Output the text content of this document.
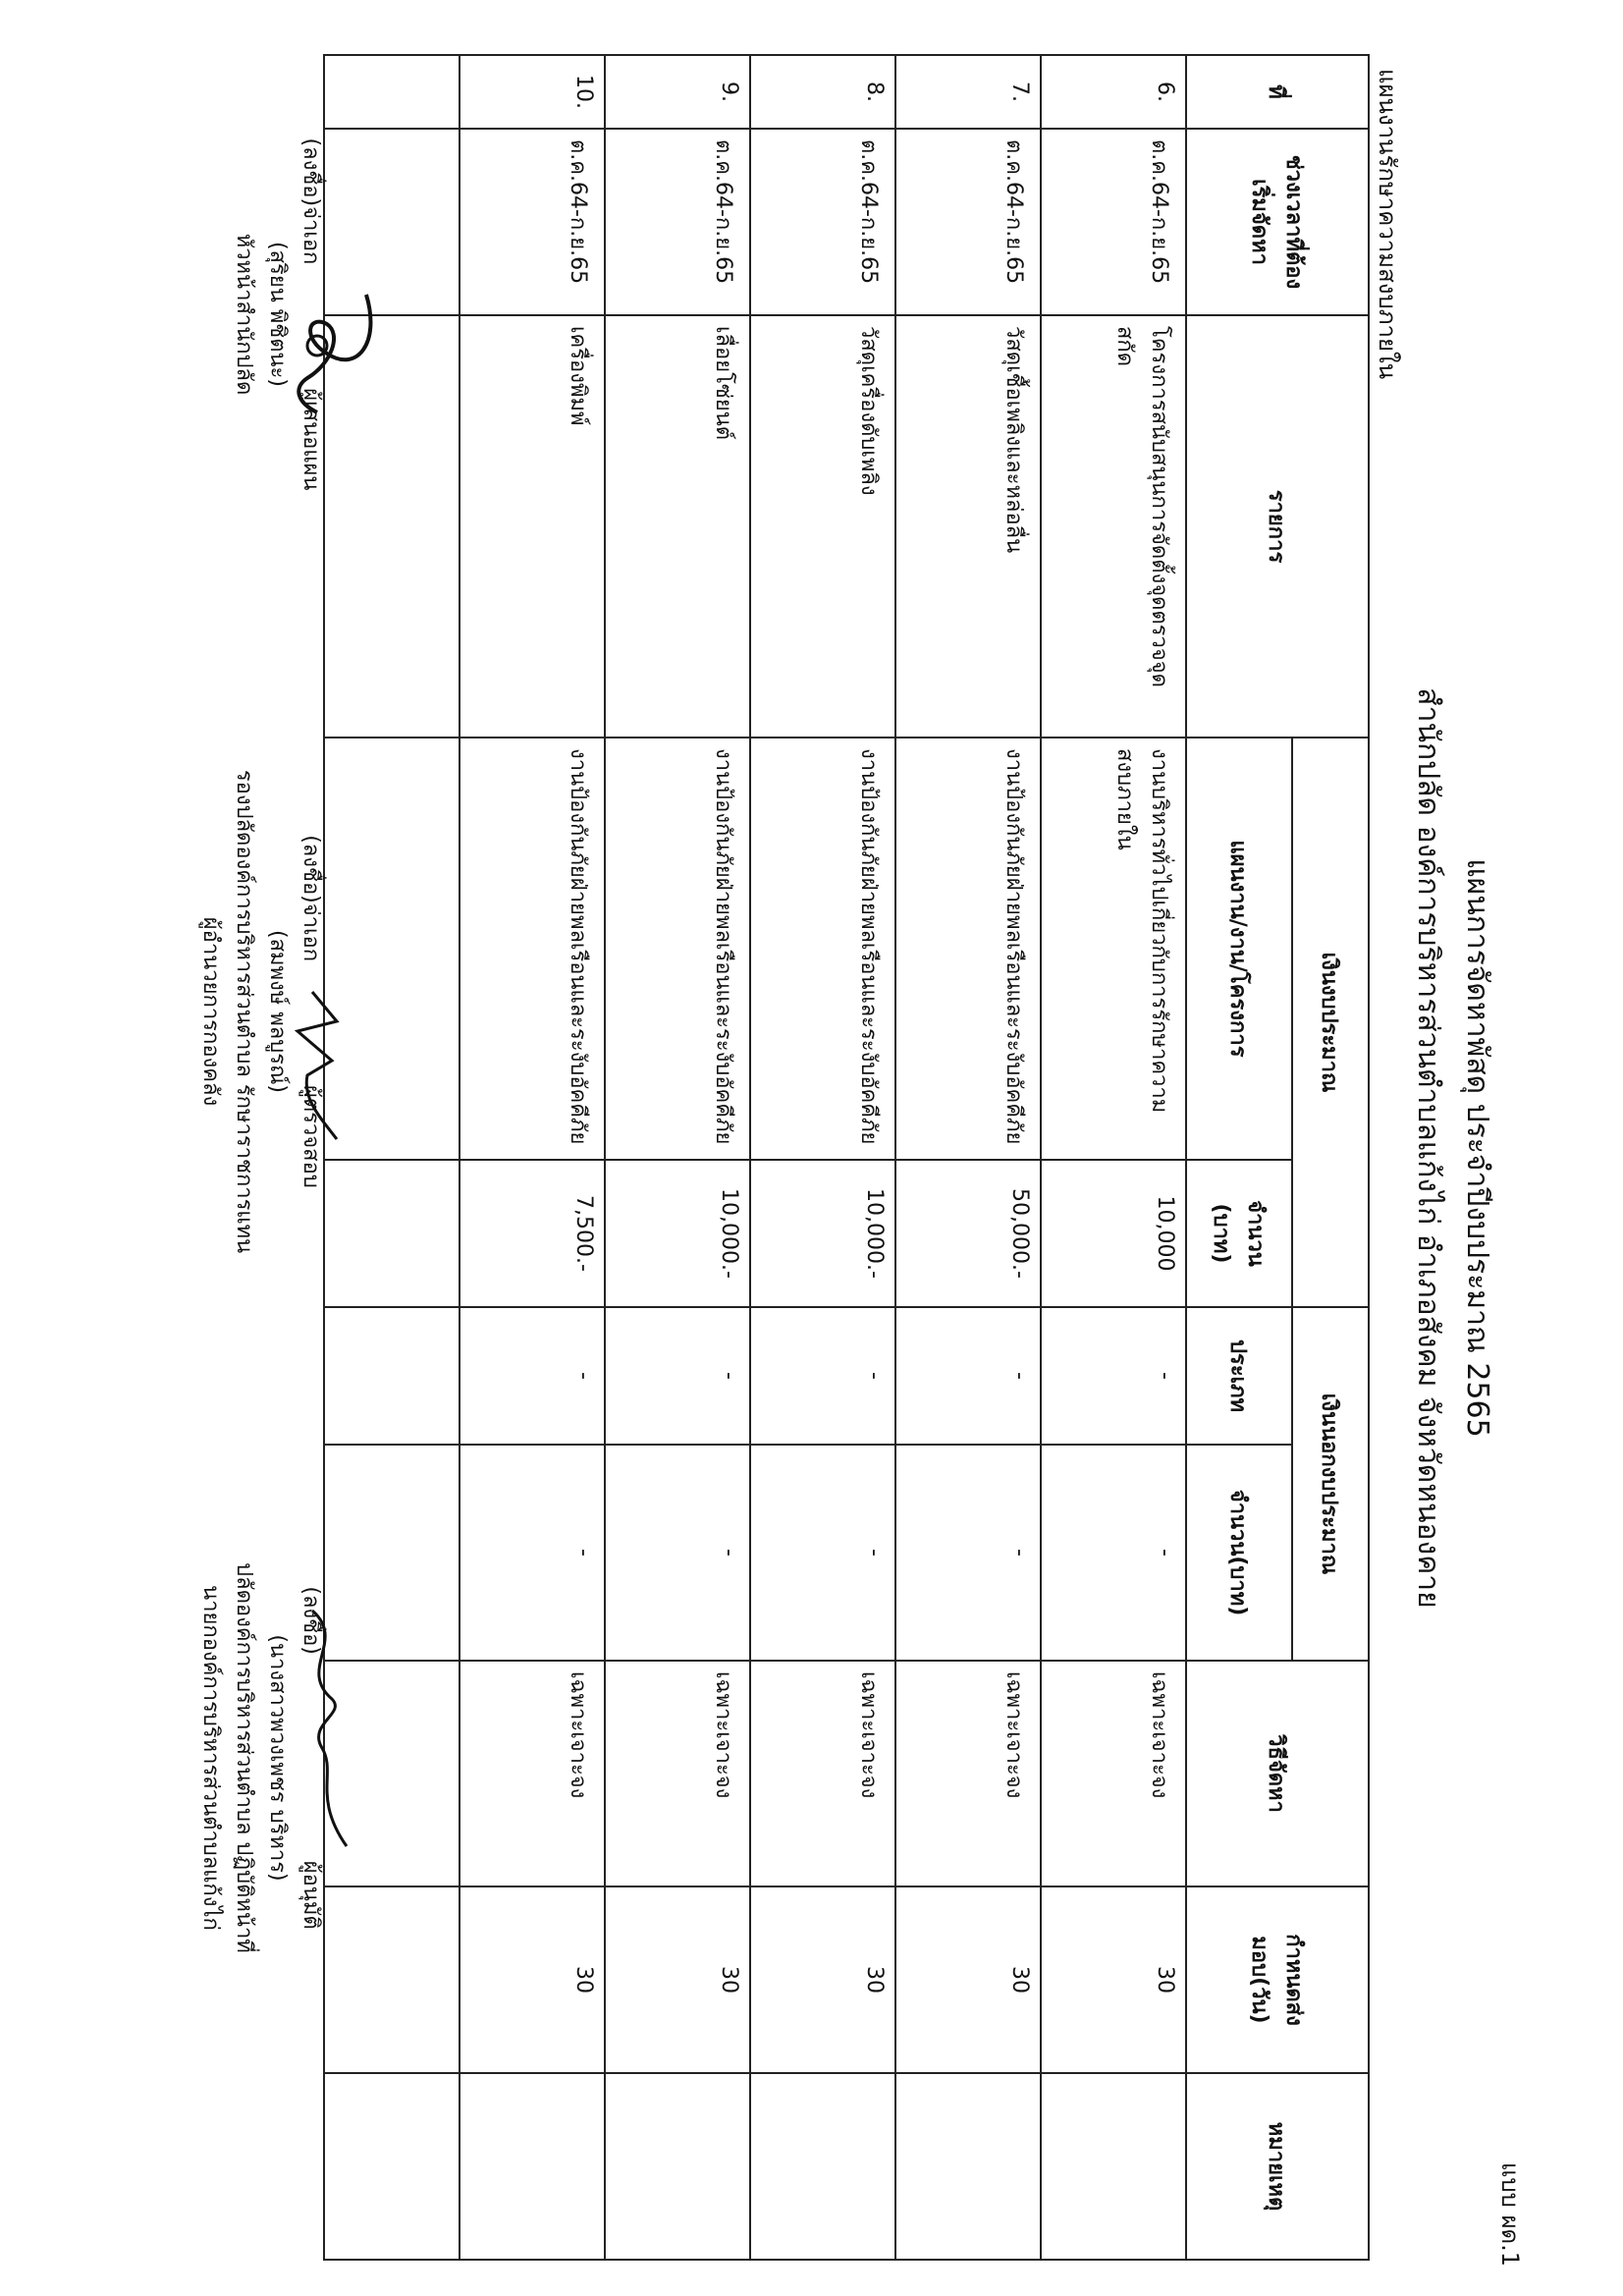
แบบ ผด.1
แผนการจัดหาพัสดุ ประจำปีงบประมาณ 2565
สำนักปลัด องค์การบริหารส่วนตำบลแก้งไก่ อำเภอสังคม จังหวัดหนองคาย
แผนงานรักษาความสงบภายใน
ที่	ช่วงเวลาที่ต้องเริ่มจัดหา	รายการ	เงินงบประมาณ		เงินนอกงบประมาณ		วิธีจัดหา	กำหนดส่งมอบ(วัน)	หมายเหตุ
			แผนงาน/งาน/โครงการ	จำนวน (บาท)	ประเภท	จำนวน(บาท)			
6.	ต.ค.64-ก.ย.65	โครงการสนับสนุนการจัดตั้งจุดตรวจจุดสกัด	งานบริหารทั่วไปเกี่ยวกับการรักษาความสงบภายใน	10,000	-	-	เฉพาะเจาะจง	30	
7.	ต.ค.64-ก.ย.65	วัสดุเชื้อเพลิงและหล่อลื่น	งานป้องกันภัยฝ่ายพลเรือนและระงับอัคคีภัย	50,000.-	-	-	เฉพาะเจาะจง	30	
8.	ต.ค.64-ก.ย.65	วัสดุเครื่องดับเพลิง	งานป้องกันภัยฝ่ายพลเรือนและระงับอัคคีภัย	10,000.-	-	-	เฉพาะเจาะจง	30	
9.	ต.ค.64-ก.ย.65	เลื่อยโซ่ยนต์	งานป้องกันภัยฝ่ายพลเรือนและระงับอัคคีภัย	10,000.-	-	-	เฉพาะเจาะจง	30	
10.	ต.ค.64-ก.ย.65	เครื่องพิมพ์	งานป้องกันภัยฝ่ายพลเรือนและระงับอัคคีภัย	7,500.-	-	-	เฉพาะเจาะจง	30	

(ลงชื่อ)จ่าเอก                  ผู้เสนอแผน
(สุริยน พิชิตนะ)
หัวหน้าสำนักปลัด
(ลงชื่อ)จ่าเอก                  ผู้ตรวจสอบ
(สมพงษ์ พลบูรณ์)
รองปลัดองค์การบริหารส่วนตำบล รักษาราชการแทน
ผู้อำนวยการกองคลัง
(ลงชื่อ)                              ผู้อนุมัติ
(นางสาวพวงเพชร บริหาร)
ปลัดองค์การบริหารส่วนตำบล ปฏิบัติหน้าที่
นายกองค์การบริหารส่วนตำบลแก้งไก่
